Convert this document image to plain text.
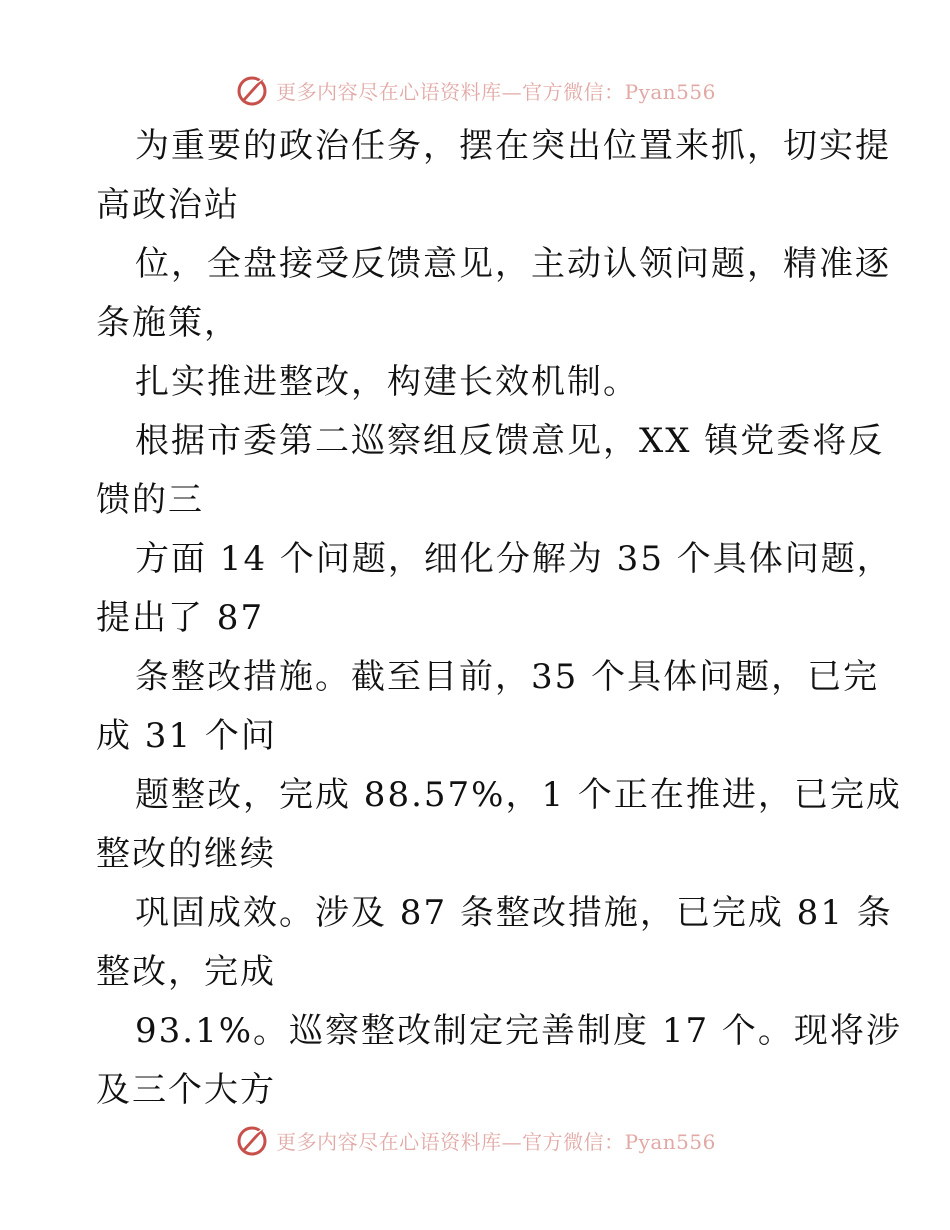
更多内容尽在心语资料库—官方微信：Pyan556
为重要的政治任务，摆在突出位置来抓，切实提
高政治站
位，全盘接受反馈意见，主动认领问题，精准逐
条施策，
扎实推进整改，构建长效机制。
根据市委第二巡察组反馈意见，XX 镇党委将反
馈的三
方面 14 个问题，细化分解为 35 个具体问题，
提出了 87
条整改措施。截至目前，35 个具体问题，已完
成 31 个问
题整改，完成 88.57%，1 个正在推进，已完成
整改的继续
巩固成效。涉及 87 条整改措施，已完成 81 条
整改，完成
93.1%。巡察整改制定完善制度 17 个。现将涉
及三个大方
更多内容尽在心语资料库—官方微信：Pyan556
